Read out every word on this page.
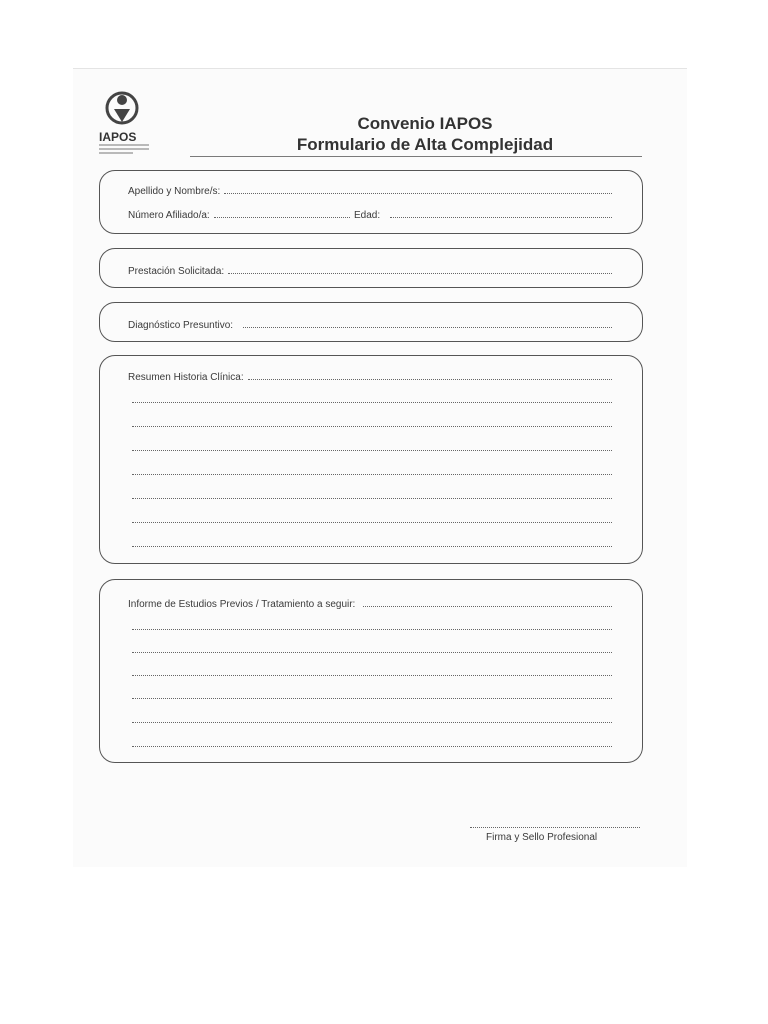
IAPOS
Convenio IAPOS
Formulario de Alta Complejidad
Apellido y Nombre/s:
Número Afiliado/a:	Edad:
Prestación Solicitada:
Diagnóstico Presuntivo:
Resumen Historia Clínica:
Informe de Estudios Previos / Tratamiento a seguir:
Firma y Sello Profesional
